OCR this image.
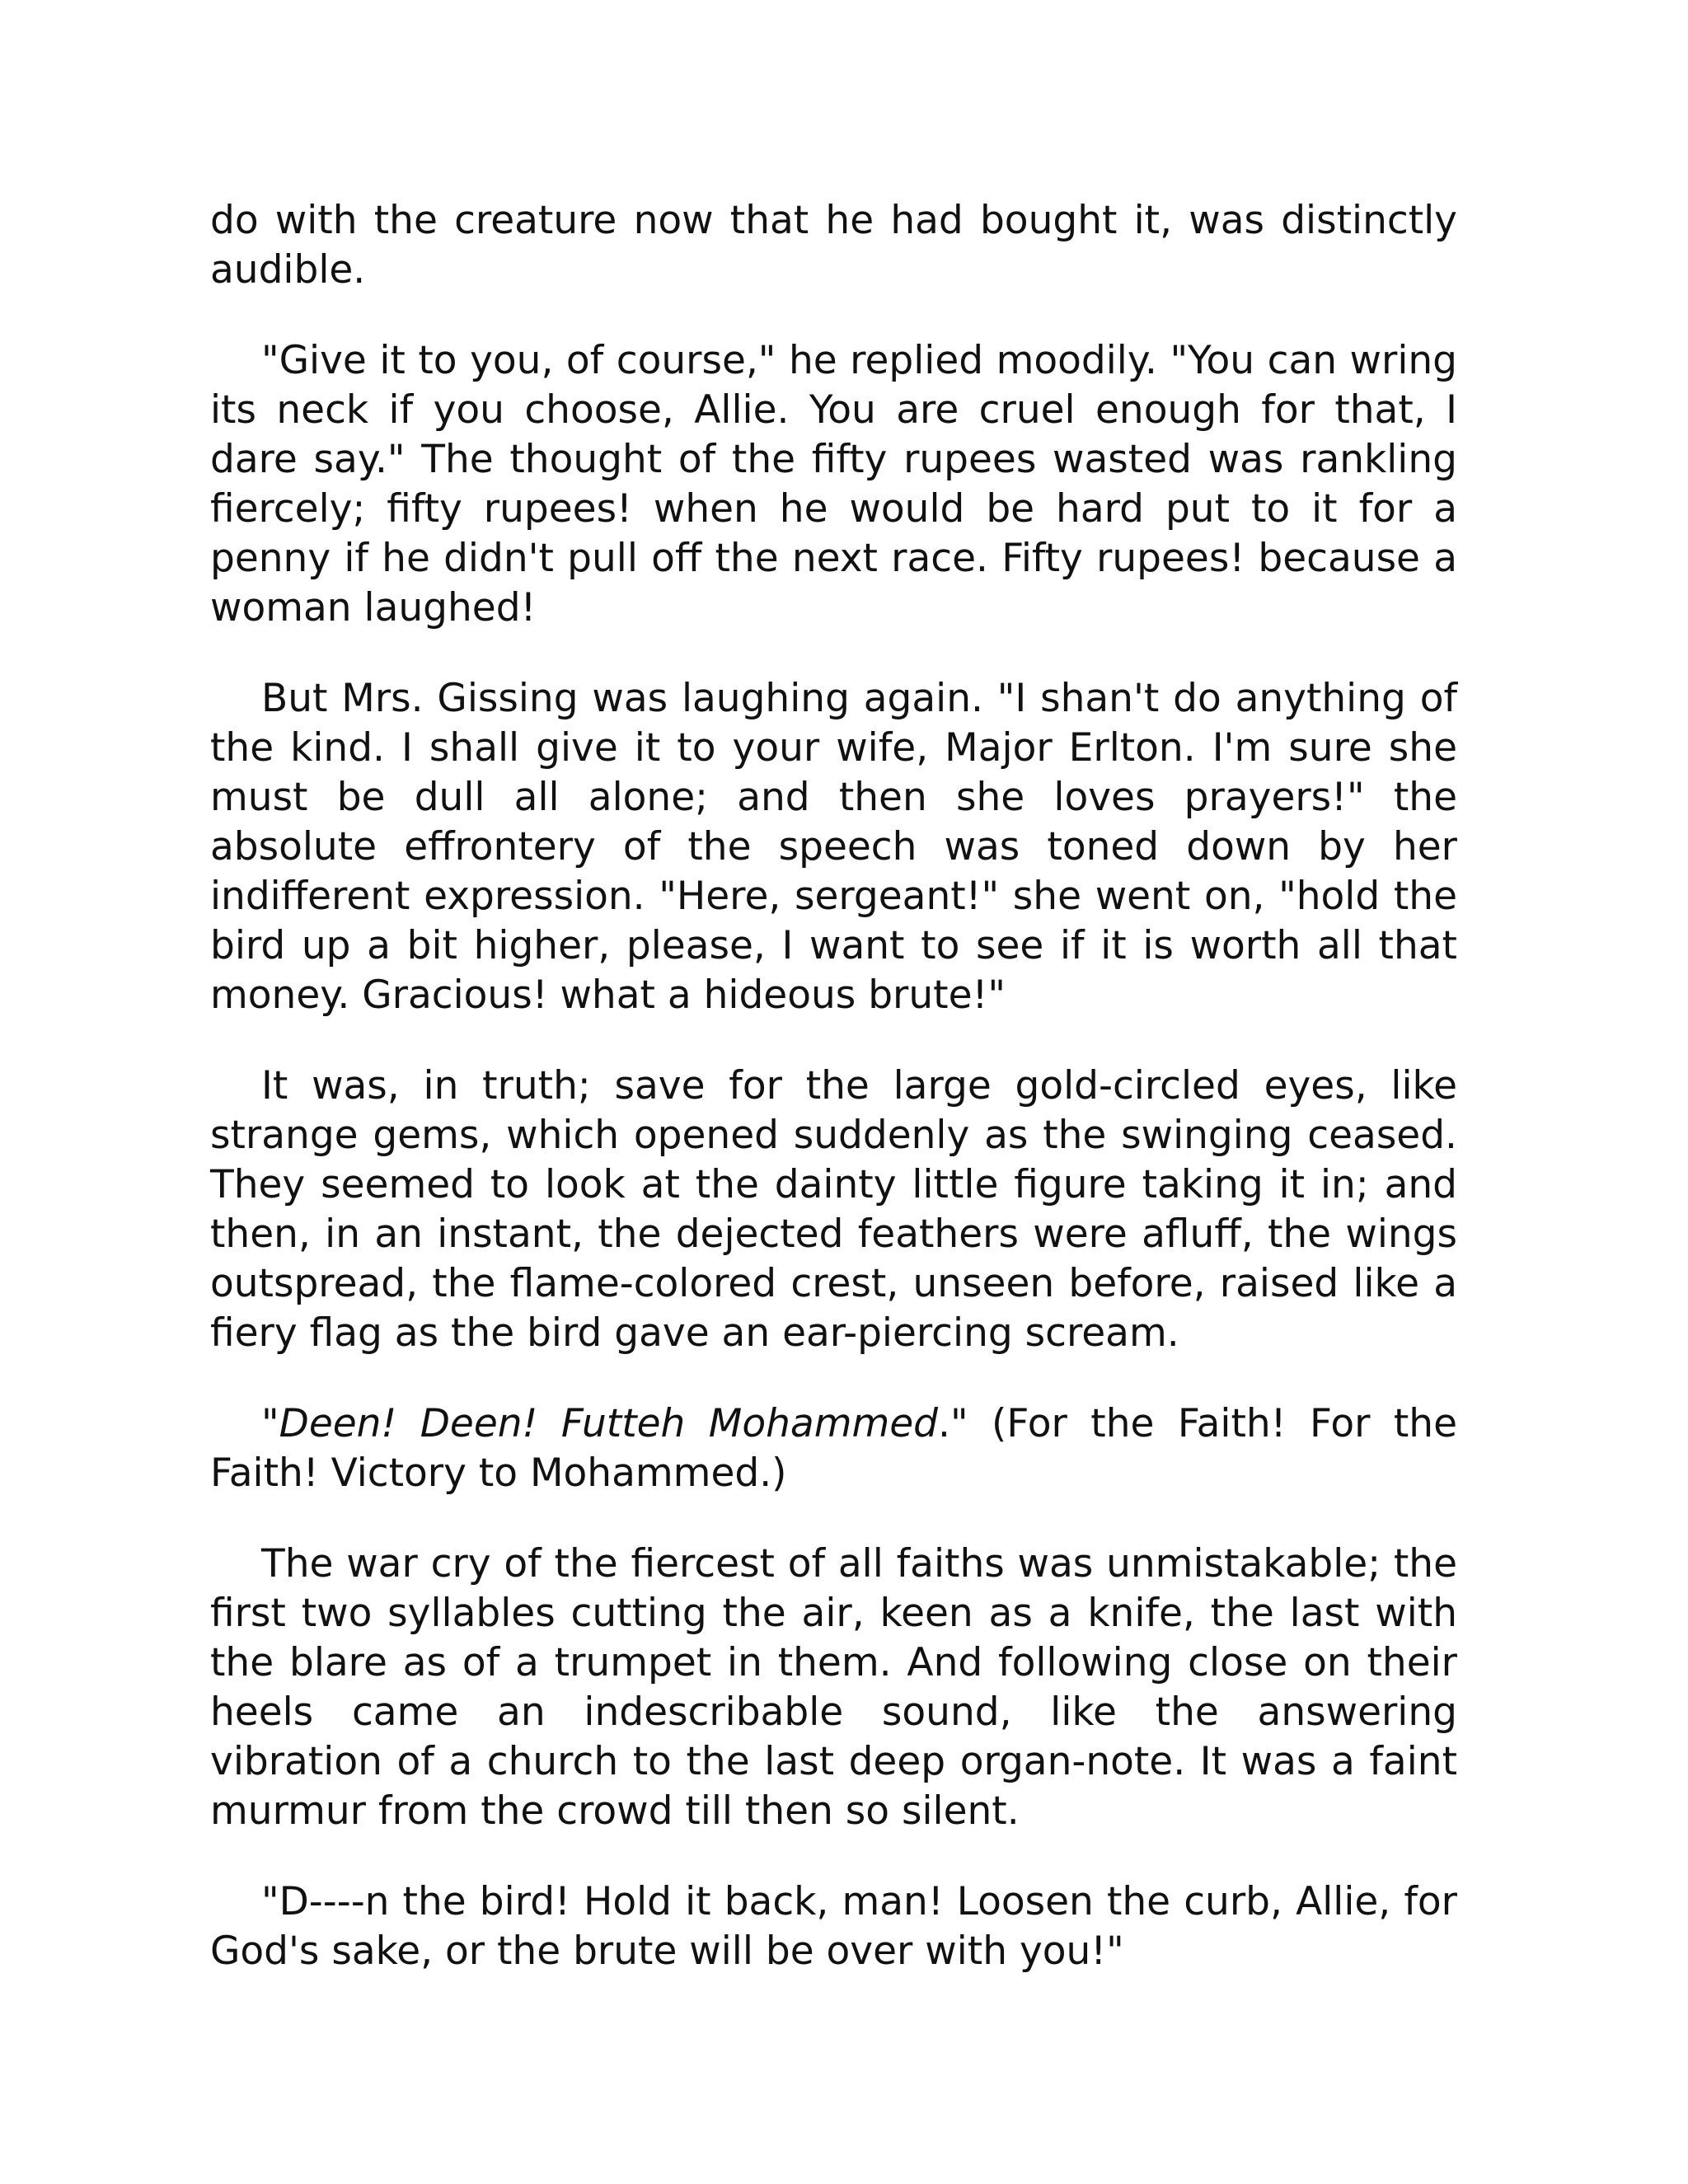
do with the creature now that he had bought it, was distinctly audible.

"Give it to you, of course," he replied moodily. "You can wring its neck if you choose, Allie. You are cruel enough for that, I dare say." The thought of the fifty rupees wasted was rankling fiercely; fifty rupees! when he would be hard put to it for a penny if he didn't pull off the next race. Fifty rupees! because a woman laughed!

But Mrs. Gissing was laughing again. "I shan't do anything of the kind. I shall give it to your wife, Major Erlton. I'm sure she must be dull all alone; and then she loves prayers!" the absolute effrontery of the speech was toned down by her indifferent expression. "Here, sergeant!" she went on, "hold the bird up a bit higher, please, I want to see if it is worth all that money. Gracious! what a hideous brute!"

It was, in truth; save for the large gold-circled eyes, like strange gems, which opened suddenly as the swinging ceased. They seemed to look at the dainty little figure taking it in; and then, in an instant, the dejected feathers were afluff, the wings outspread, the flame-colored crest, unseen before, raised like a fiery flag as the bird gave an ear-piercing scream.

"Deen! Deen! Futteh Mohammed." (For the Faith! For the Faith! Victory to Mohammed.)

The war cry of the fiercest of all faiths was unmistakable; the first two syllables cutting the air, keen as a knife, the last with the blare as of a trumpet in them. And following close on their heels came an indescribable sound, like the answering vibration of a church to the last deep organ-note. It was a faint murmur from the crowd till then so silent.

"D----n the bird! Hold it back, man! Loosen the curb, Allie, for God's sake, or the brute will be over with you!"
